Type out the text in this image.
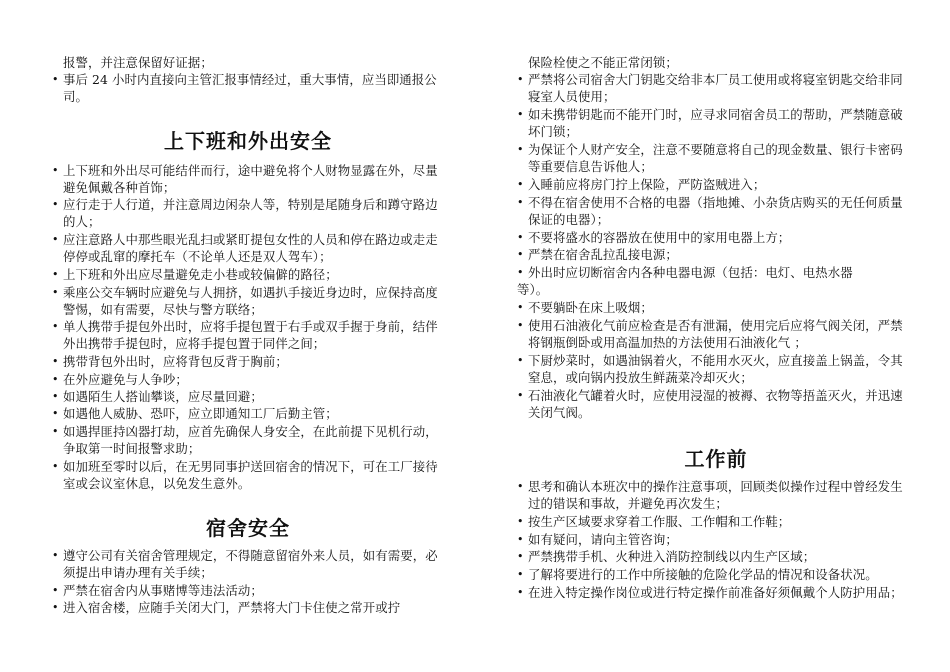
报警，并注意保留好证据；
• 事后 24 小时内直接向主管汇报事情经过，重大事情，应当即通报公司。
上下班和外出安全
• 上下班和外出尽可能结伴而行，途中避免将个人财物显露在外，尽量避免佩戴各种首饰；
• 应行走于人行道，并注意周边闲杂人等，特别是尾随身后和蹲守路边的人；
• 应注意路人中那些眼光乱扫或紧盯提包女性的人员和停在路边或走走停停或乱窜的摩托车（不论单人还是双人驾车）；
• 上下班和外出应尽量避免走小巷或较偏僻的路径；
• 乘座公交车辆时应避免与人拥挤，如遇扒手接近身边时，应保持高度警惕，如有需要，尽快与警方联络；
• 单人携带手提包外出时，应将手提包置于右手或双手握于身前，结伴外出携带手提包时，应将手提包置于同伴之间；
• 携带背包外出时，应将背包反背于胸前；
• 在外应避免与人争吵；
• 如遇陌生人搭讪攀谈，应尽量回避；
• 如遇他人威胁、恐吓，应立即通知工厂后勤主管；
• 如遇捍匪持凶器打劫，应首先确保人身安全，在此前提下见机行动，争取第一时间报警求助；
• 如加班至零时以后，在无男同事护送回宿舍的情况下，可在工厂接待室或会议室休息，以免发生意外。
宿舍安全
• 遵守公司有关宿舍管理规定，不得随意留宿外来人员，如有需要，必须提出申请办理有关手续；
• 严禁在宿舍内从事赌博等违法活动；
• 进入宿舍楼，应随手关闭大门，严禁将大门卡住使之常开或拧
保险栓使之不能正常闭锁；
• 严禁将公司宿舍大门钥匙交给非本厂员工使用或将寝室钥匙交给非同寝室人员使用；
• 如未携带钥匙而不能开门时，应寻求同宿舍员工的帮助，严禁随意破坏门锁；
• 为保证个人财产安全，注意不要随意将自己的现金数量、银行卡密码等重要信息告诉他人；
• 入睡前应将房门拧上保险，严防盗贼进入；
• 不得在宿舍使用不合格的电器（指地摊、小杂货店购买的无任何质量保证的电器）；
• 不要将盛水的容器放在使用中的家用电器上方；
• 严禁在宿舍乱拉乱接电源；
• 外出时应切断宿舍内各种电器电源（包括：电灯、电热水器
等）。
• 不要躺卧在床上吸烟；
• 使用石油液化气前应检查是否有泄漏，使用完后应将气阀关闭，严禁将钢瓶倒卧或用高温加热的方法使用石油液化气 ；
• 下厨炒菜时，如遇油锅着火，不能用水灭火，应直接盖上锅盖，令其窒息，或向锅内投放生鲜蔬菜冷却灭火；
• 石油液化气罐着火时，应使用浸湿的被褥、衣物等捂盖灭火，并迅速关闭气阀。
工作前
• 思考和确认本班次中的操作注意事项，回顾类似操作过程中曾经发生过的错误和事故，并避免再次发生；
• 按生产区域要求穿着工作服、工作帽和工作鞋；
• 如有疑问，请向主管咨询；
• 严禁携带手机、火种进入消防控制线以内生产区域；
• 了解将要进行的工作中所接触的危险化学品的情况和设备状况。
• 在进入特定操作岗位或进行特定操作前准备好须佩戴个人防护用品；
